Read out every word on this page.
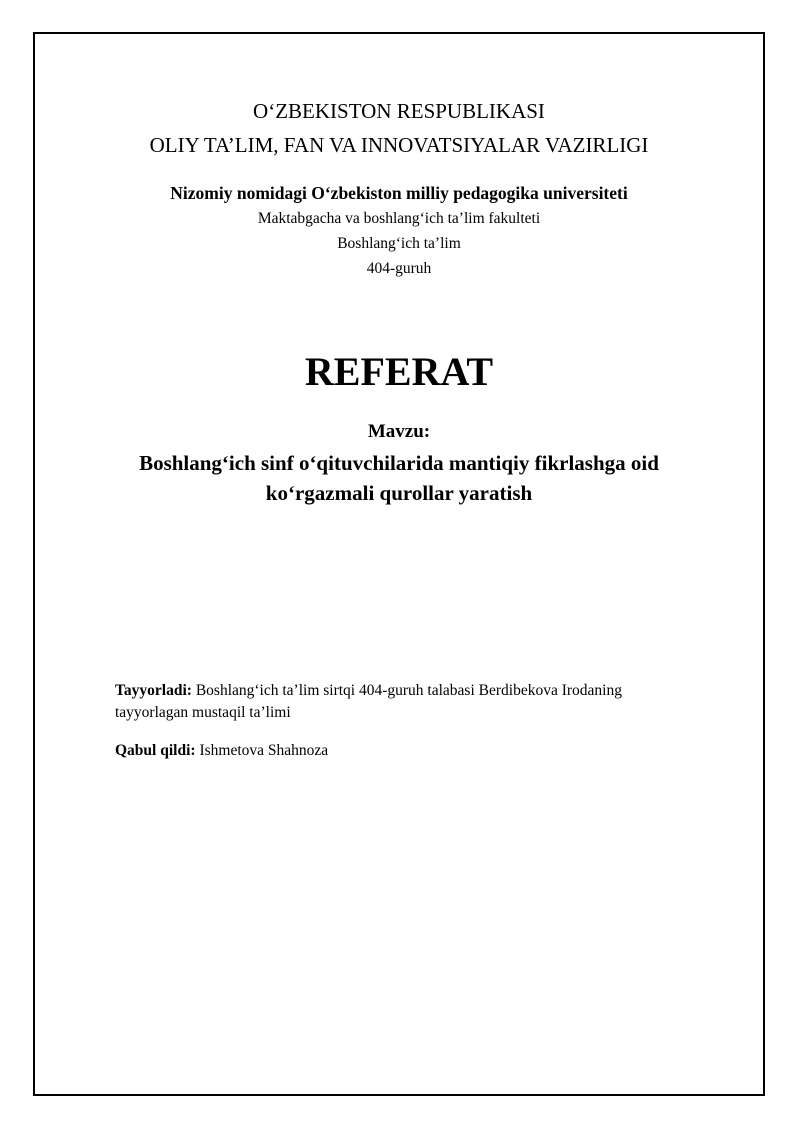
O‘ZBEKISTON RESPUBLIKASI
OLIY TA’LIM, FAN VA INNOVATSIYALAR VAZIRLIGI
Nizomiy nomidagi O‘zbekiston milliy pedagogika universiteti
Maktabgacha va boshlang‘ich ta’lim fakulteti
Boshlang‘ich ta’lim
404-guruh
REFERAT
Mavzu:
Boshlang‘ich sinf o‘qituvchilarida mantiqiy fikrlashga oid
ko‘rgazmali qurollar yaratish
Tayyorladi: Boshlang‘ich ta’lim sirtqi 404-guruh talabasi Berdibekova Irodaning
tayyorlagan mustaqil ta’limi
Qabul qildi: Ishmetova Shahnoza
